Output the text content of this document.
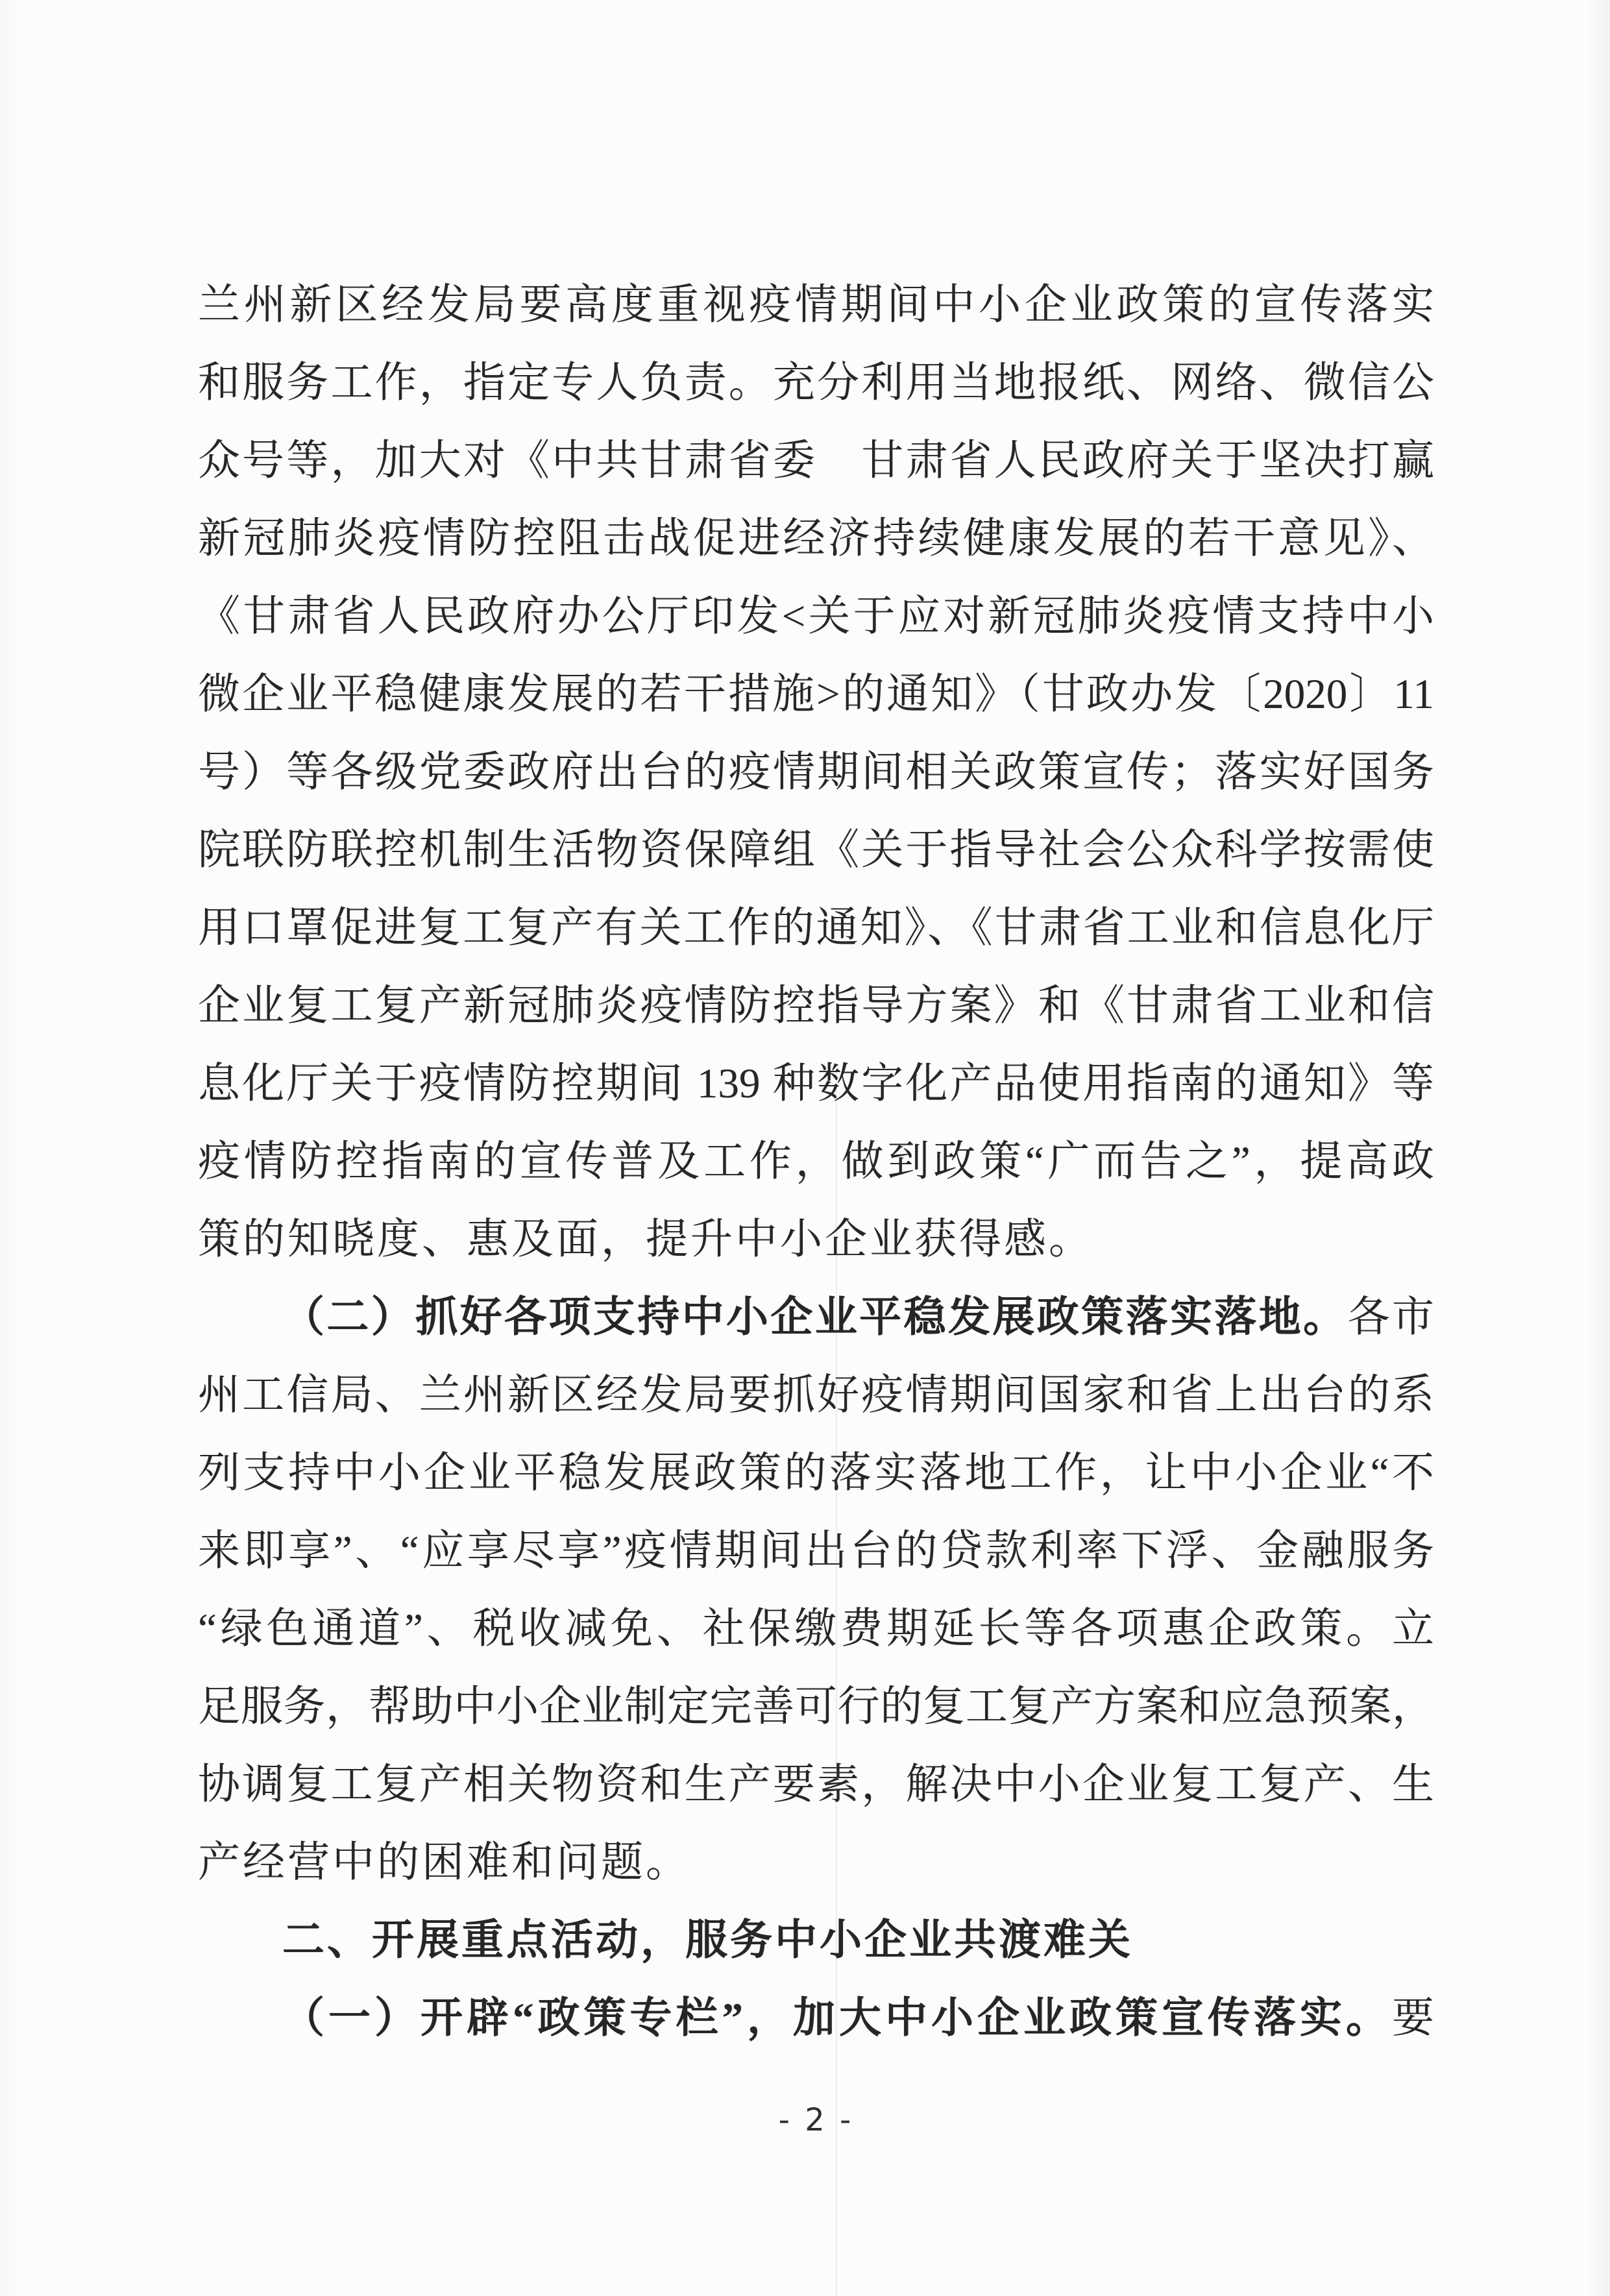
兰州新区经发局要高度重视疫情期间中小企业政策的宣传落实
和服务工作，指定专人负责。充分利用当地报纸、网络、微信公
众号等，加大对《中共甘肃省委　甘肃省人民政府关于坚决打赢
新冠肺炎疫情防控阻击战促进经济持续健康发展的若干意见》、
《甘肃省人民政府办公厅印发<关于应对新冠肺炎疫情支持中小
微企业平稳健康发展的若干措施>的通知》（甘政办发〔2020〕11
号）等各级党委政府出台的疫情期间相关政策宣传；落实好国务
院联防联控机制生活物资保障组《关于指导社会公众科学按需使
用口罩促进复工复产有关工作的通知》、《甘肃省工业和信息化厅
企业复工复产新冠肺炎疫情防控指导方案》和《甘肃省工业和信
息化厅关于疫情防控期间 139 种数字化产品使用指南的通知》等
疫情防控指南的宣传普及工作，做到政策“广而告之”，提高政
策的知晓度、惠及面，提升中小企业获得感。
（二）抓好各项支持中小企业平稳发展政策落实落地。各市
州工信局、兰州新区经发局要抓好疫情期间国家和省上出台的系
列支持中小企业平稳发展政策的落实落地工作，让中小企业“不
来即享”、“应享尽享”疫情期间出台的贷款利率下浮、金融服务
“绿色通道”、税收减免、社保缴费期延长等各项惠企政策。立
足服务，帮助中小企业制定完善可行的复工复产方案和应急预案，
协调复工复产相关物资和生产要素，解决中小企业复工复产、生
产经营中的困难和问题。
二、开展重点活动，服务中小企业共渡难关
（一）开辟“政策专栏”，加大中小企业政策宣传落实。要
- 2 -
